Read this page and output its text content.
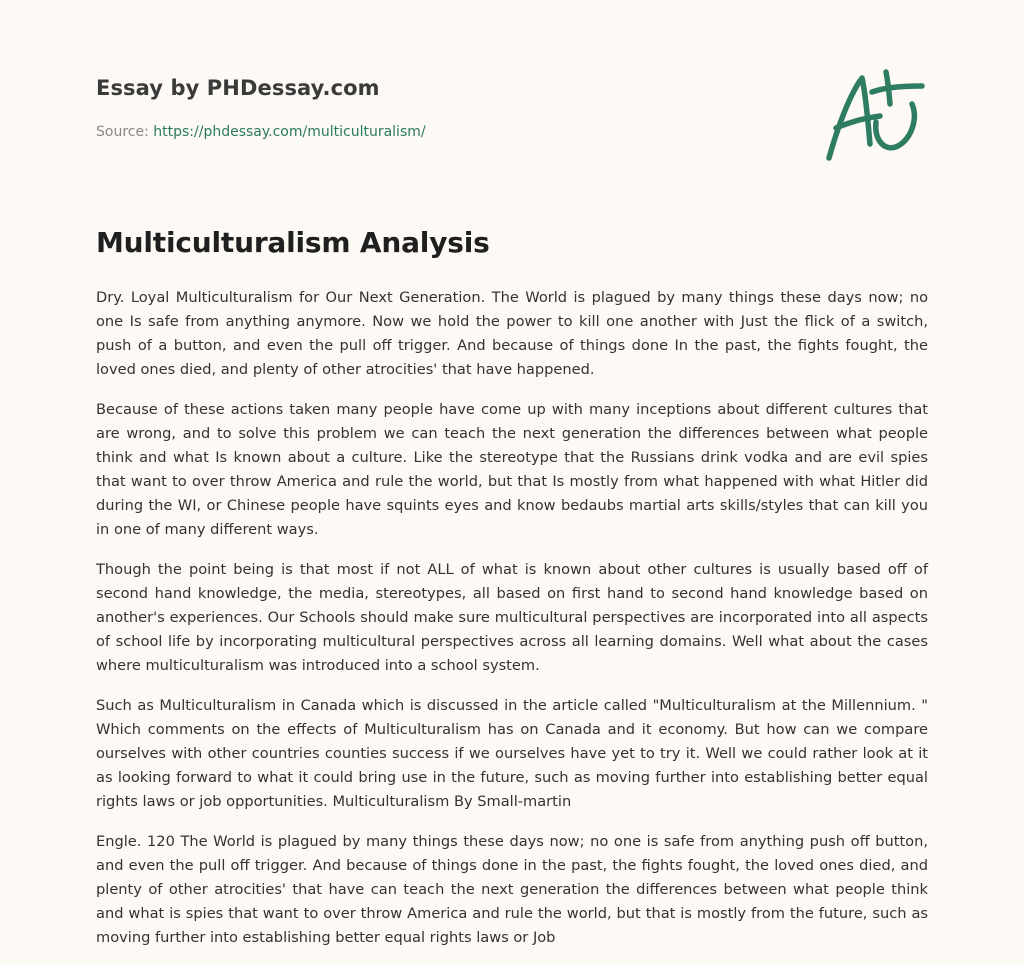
Essay by PHDessay.com

Source: https://phdessay.com/multiculturalism/

Multiculturalism Analysis

Dry. Loyal Multiculturalism for Our Next Generation. The World is plagued by many things these days now; no one Is safe from anything anymore. Now we hold the power to kill one another with Just the flick of a switch, push of a button, and even the pull off trigger. And because of things done In the past, the fights fought, the loved ones died, and plenty of other atrocities' that have happened.

Because of these actions taken many people have come up with many inceptions about different cultures that are wrong, and to solve this problem we can teach the next generation the differences between what people think and what Is known about a culture. Like the stereotype that the Russians drink vodka and are evil spies that want to over throw America and rule the world, but that Is mostly from what happened with what Hitler did during the WI, or Chinese people have squints eyes and know bedaubs martial arts skills/styles that can kill you in one of many different ways.

Though the point being is that most if not ALL of what is known about other cultures is usually based off of second hand knowledge, the media, stereotypes, all based on first hand to second hand knowledge based on another's experiences. Our Schools should make sure multicultural perspectives are incorporated into all aspects of school life by incorporating multicultural perspectives across all learning domains. Well what about the cases where multiculturalism was introduced into a school system.

Such as Multiculturalism in Canada which is discussed in the article called "Multiculturalism at the Millennium. " Which comments on the effects of Multiculturalism has on Canada and it economy. But how can we compare ourselves with other countries counties success if we ourselves have yet to try it. Well we could rather look at it as looking forward to what it could bring use in the future, such as moving further into establishing better equal rights laws or job opportunities. Multiculturalism By Small-martin

Engle. 120 The World is plagued by many things these days now; no one is safe from anything push off button, and even the pull off trigger. And because of things done in the past, the fights fought, the loved ones died, and plenty of other atrocities' that have can teach the next generation the differences between what people think and what is spies that want to over throw America and rule the world, but that is mostly from the future, such as moving further into establishing better equal rights laws or Job
